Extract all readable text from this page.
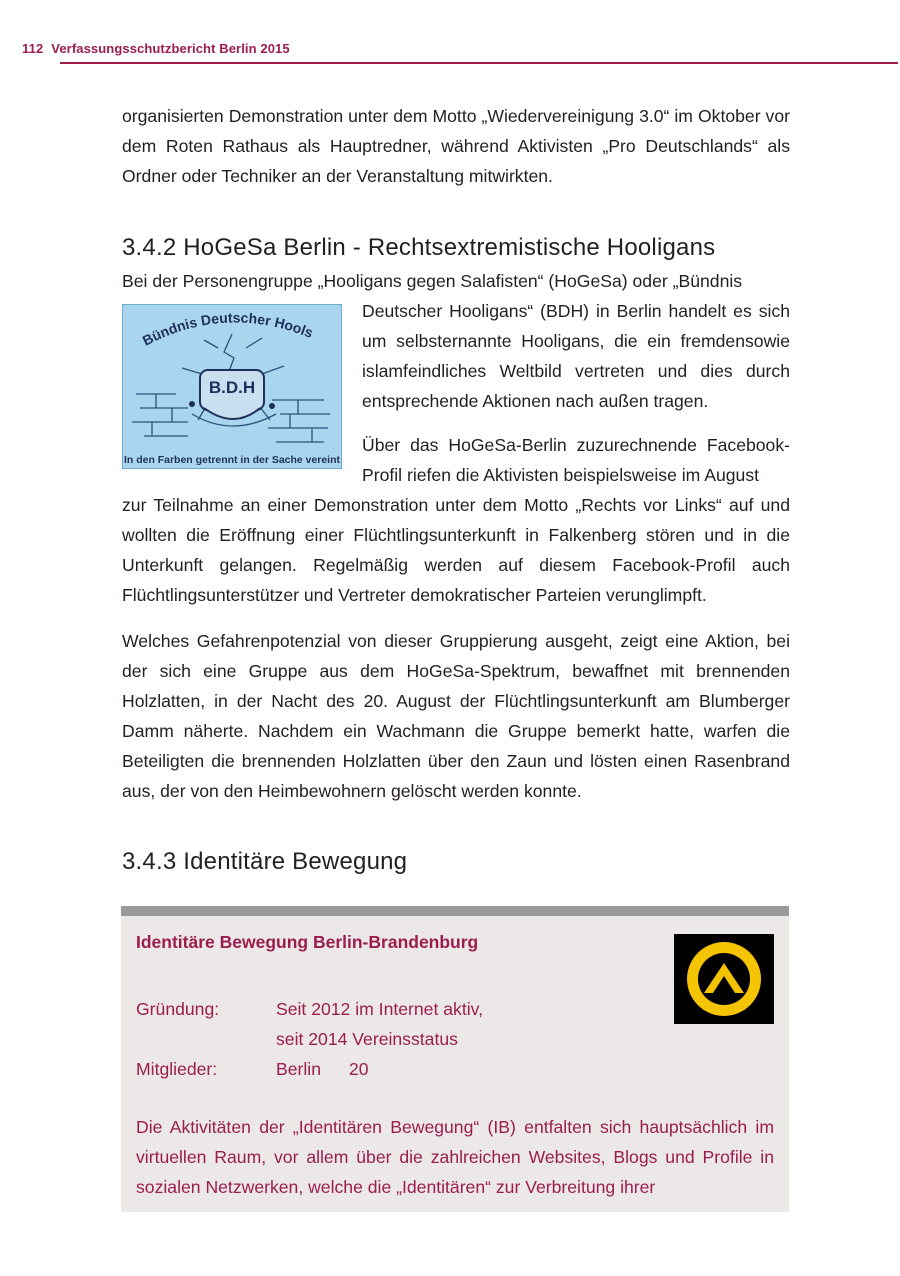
112 Verfassungsschutzbericht Berlin 2015

organisierten Demonstration unter dem Motto „Wiedervereinigung 3.0“ im Oktober vor dem Roten Rathaus als Hauptredner, während Aktivisten „Pro Deutschlands“ als Ordner oder Techniker an der Veranstaltung mitwirkten.

3.4.2 HoGeSa Berlin - Rechtsextremistische Hooligans

Bei der Personengruppe „Hooligans gegen Salafisten“ (HoGeSa) oder „Bündnis

B.D.H
Bündnis Deutscher Hools
In den Farben getrennt in der Sache vereint

Deutscher Hooligans“ (BDH) in Berlin handelt es sich um selbsternannte Hooligans, die ein fremdensowie islamfeindliches Weltbild vertreten und dies durch entsprechende Aktionen nach außen tragen.

Über das HoGeSa-Berlin zuzurechnende Facebook-Profil riefen die Aktivisten beispielsweise im August

zur Teilnahme an einer Demonstration unter dem Motto „Rechts vor Links“ auf und wollten die Eröffnung einer Flüchtlingsunterkunft in Falkenberg stören und in die Unterkunft gelangen. Regelmäßig werden auf diesem Facebook-Profil auch Flüchtlingsunterstützer und Vertreter demokratischer Parteien verunglimpft.

Welches Gefahrenpotenzial von dieser Gruppierung ausgeht, zeigt eine Aktion, bei der sich eine Gruppe aus dem HoGeSa-Spektrum, bewaffnet mit brennenden Holzlatten, in der Nacht des 20. August der Flüchtlingsunterkunft am Blumberger Damm näherte. Nachdem ein Wachmann die Gruppe bemerkt hatte, warfen die Beteiligten die brennenden Holzlatten über den Zaun und lösten einen Rasenbrand aus, der von den Heimbewohnern gelöscht werden konnte.

3.4.3 Identitäre Bewegung

Identitäre Bewegung Berlin-Brandenburg

Gründung:	Seit 2012 im Internet aktiv,
seit 2014 Vereinsstatus
Mitglieder:	Berlin 20

Die Aktivitäten der „Identitären Bewegung“ (IB) entfalten sich hauptsächlich im virtuellen Raum, vor allem über die zahlreichen Websites, Blogs und Profile in sozialen Netzwerken, welche die „Identitären“ zur Verbreitung ihrer
